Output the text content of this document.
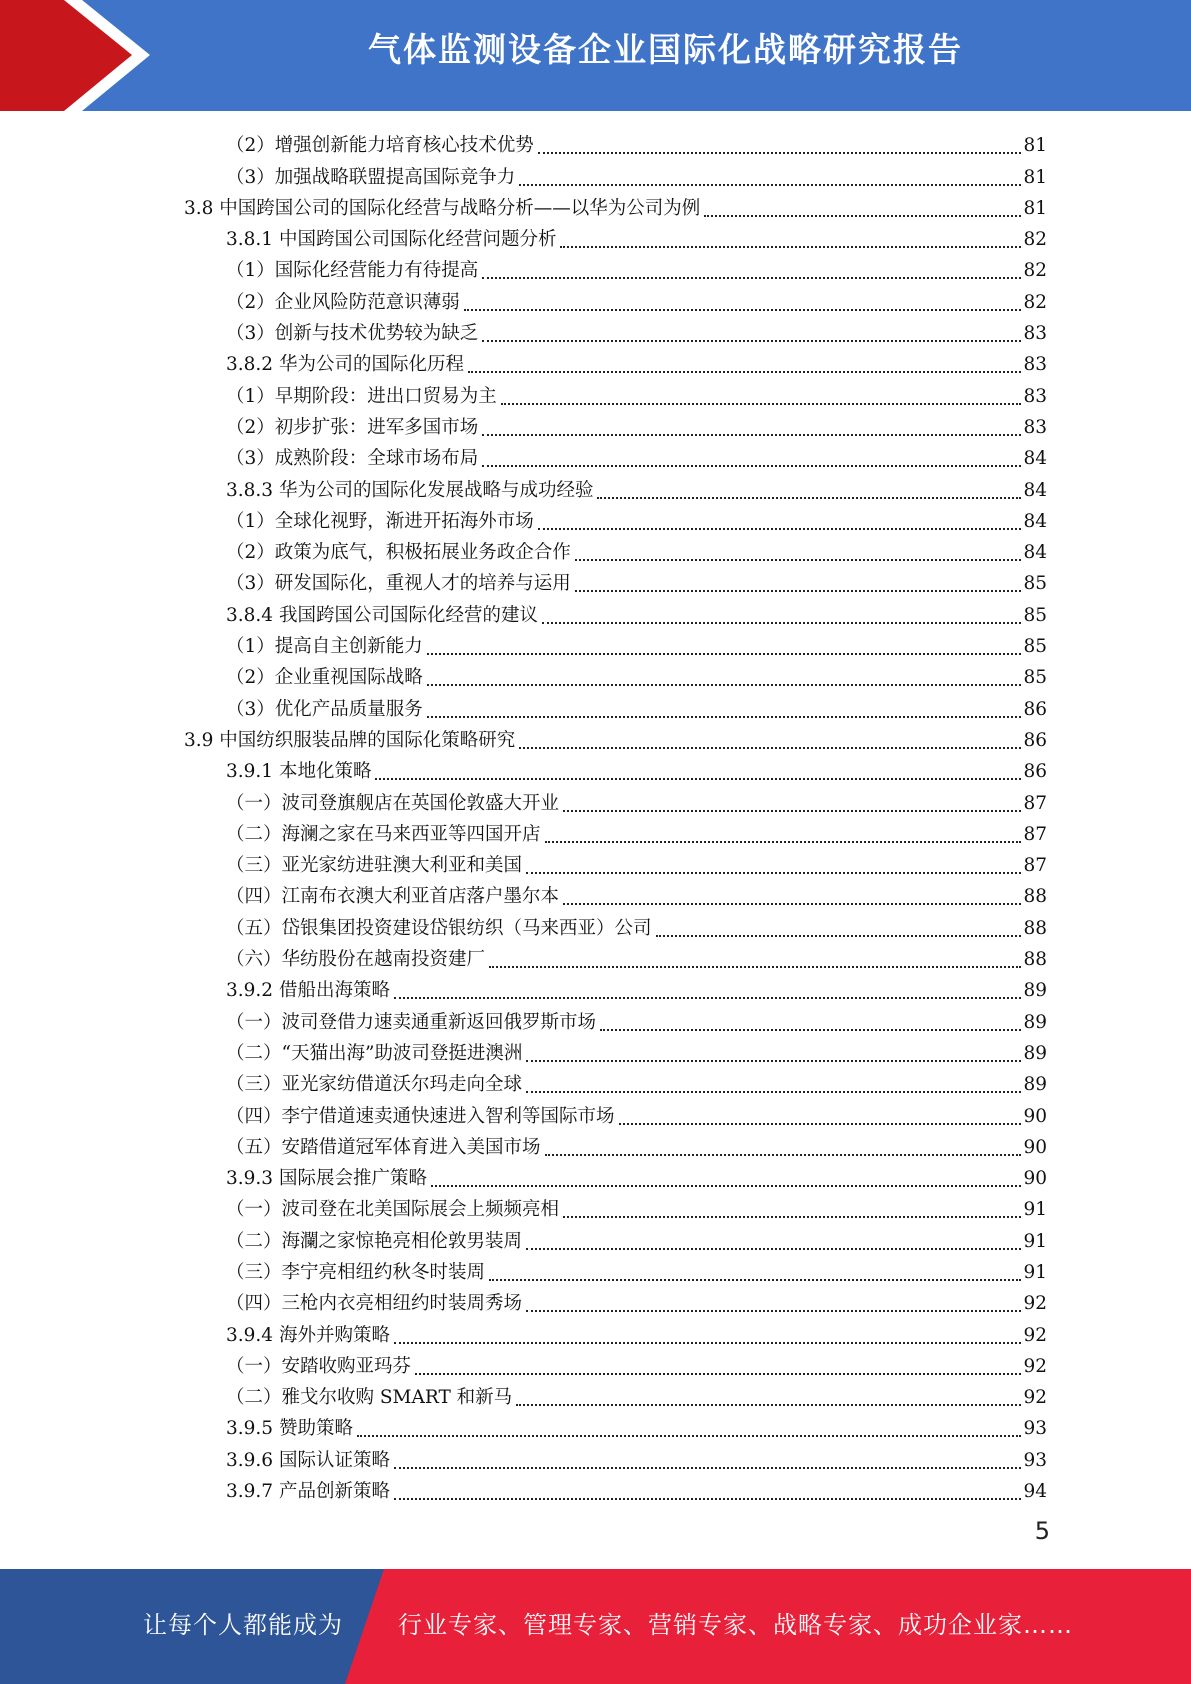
气体监测设备企业国际化战略研究报告
（2）增强创新能力培育核心技术优势	81
（3）加强战略联盟提高国际竞争力	81
3.8 中国跨国公司的国际化经营与战略分析——以华为公司为例	81
3.8.1 中国跨国公司国际化经营问题分析	82
（1）国际化经营能力有待提高	82
（2）企业风险防范意识薄弱	82
（3）创新与技术优势较为缺乏	83
3.8.2 华为公司的国际化历程	83
（1）早期阶段：进出口贸易为主	83
（2）初步扩张：进军多国市场	83
（3）成熟阶段：全球市场布局	84
3.8.3 华为公司的国际化发展战略与成功经验	84
（1）全球化视野，渐进开拓海外市场	84
（2）政策为底气，积极拓展业务政企合作	84
（3）研发国际化，重视人才的培养与运用	85
3.8.4 我国跨国公司国际化经营的建议	85
（1）提高自主创新能力	85
（2）企业重视国际战略	85
（3）优化产品质量服务	86
3.9 中国纺织服装品牌的国际化策略研究	86
3.9.1 本地化策略	86
（一）波司登旗舰店在英国伦敦盛大开业	87
（二）海澜之家在马来西亚等四国开店	87
（三）亚光家纺进驻澳大利亚和美国	87
（四）江南布衣澳大利亚首店落户墨尔本	88
（五）岱银集团投资建设岱银纺织（马来西亚）公司	88
（六）华纺股份在越南投资建厂	88
3.9.2 借船出海策略	89
（一）波司登借力速卖通重新返回俄罗斯市场	89
（二）“天猫出海”助波司登挺进澳洲	89
（三）亚光家纺借道沃尔玛走向全球	89
（四）李宁借道速卖通快速进入智利等国际市场	90
（五）安踏借道冠军体育进入美国市场	90
3.9.3 国际展会推广策略	90
（一）波司登在北美国际展会上频频亮相	91
（二）海瀾之家惊艳亮相伦敦男装周	91
（三）李宁亮相纽约秋冬时装周	91
（四）三枪内衣亮相纽约时装周秀场	92
3.9.4 海外并购策略	92
（一）安踏收购亚玛芬	92
（二）雅戈尔收购 SMART 和新马	92
3.9.5 赞助策略	93
3.9.6 国际认证策略	93
3.9.7 产品创新策略	94
5
让每个人都能成为 行业专家、管理专家、营销专家、战略专家、成功企业家……
